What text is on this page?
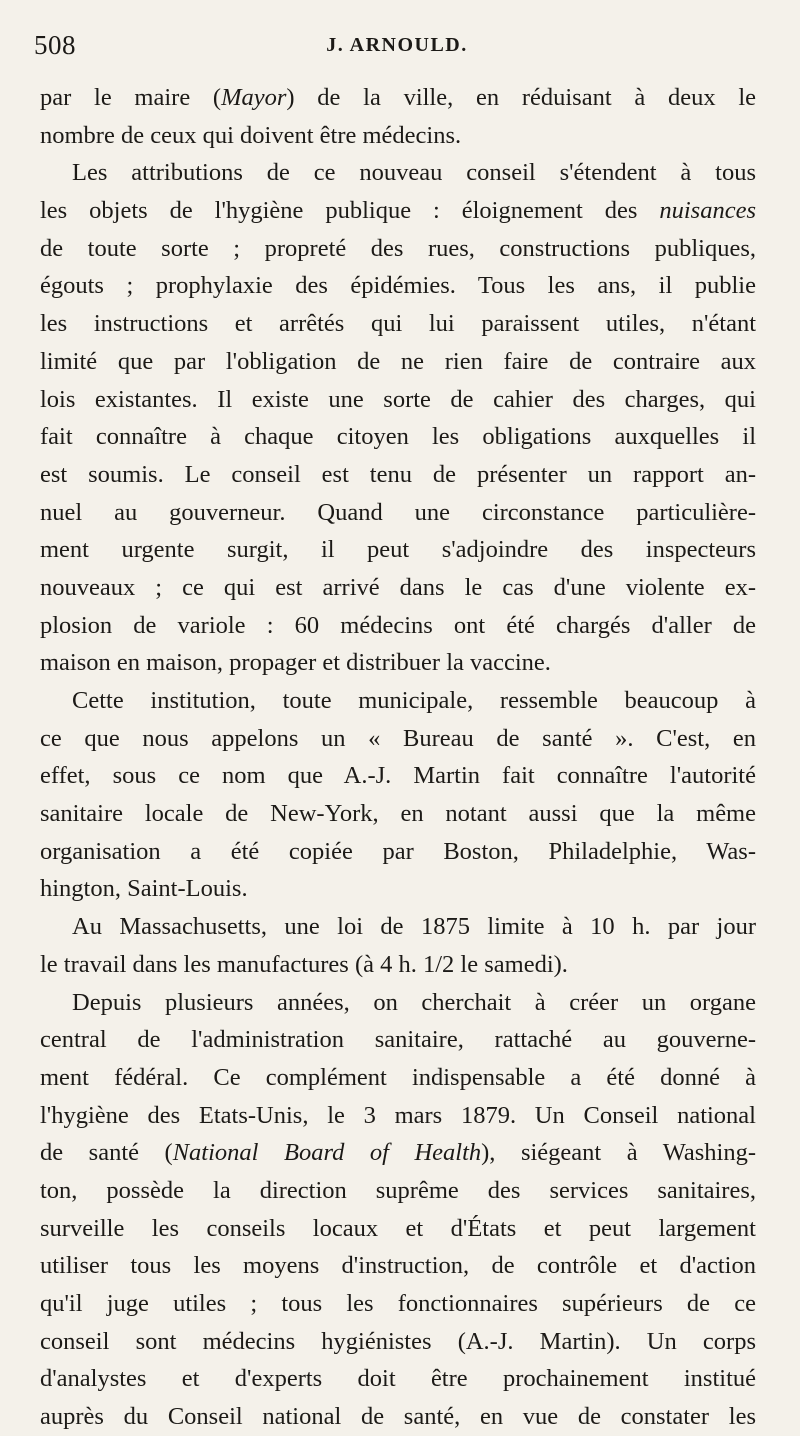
508	J. ARNOULD.
par le maire (Mayor) de la ville, en réduisant à deux le
nombre de ceux qui doivent être médecins.
Les attributions de ce nouveau conseil s'étendent à tous
les objets de l'hygiène publique : éloignement des nuisances
de toute sorte ; propreté des rues, constructions publiques,
égouts ; prophylaxie des épidémies. Tous les ans, il publie
les instructions et arrêtés qui lui paraissent utiles, n'étant
limité que par l'obligation de ne rien faire de contraire aux
lois existantes. Il existe une sorte de cahier des charges, qui
fait connaître à chaque citoyen les obligations auxquelles il
est soumis. Le conseil est tenu de présenter un rapport an-
nuel au gouverneur. Quand une circonstance particulière-
ment urgente surgit, il peut s'adjoindre des inspecteurs
nouveaux ; ce qui est arrivé dans le cas d'une violente ex-
plosion de variole : 60 médecins ont été chargés d'aller de
maison en maison, propager et distribuer la vaccine.
Cette institution, toute municipale, ressemble beaucoup à
ce que nous appelons un « Bureau de santé ». C'est, en
effet, sous ce nom que A.-J. Martin fait connaître l'autorité
sanitaire locale de New-York, en notant aussi que la même
organisation a été copiée par Boston, Philadelphie, Was-
hington, Saint-Louis.
Au Massachusetts, une loi de 1875 limite à 10 h. par jour
le travail dans les manufactures (à 4 h. 1/2 le samedi).
Depuis plusieurs années, on cherchait à créer un organe
central de l'administration sanitaire, rattaché au gouverne-
ment fédéral. Ce complément indispensable a été donné à
l'hygiène des Etats-Unis, le 3 mars 1879. Un Conseil national
de santé (National Board of Health), siégeant à Washing-
ton, possède la direction suprême des services sanitaires,
surveille les conseils locaux et d'États et peut largement
utiliser tous les moyens d'instruction, de contrôle et d'action
qu'il juge utiles ; tous les fonctionnaires supérieurs de ce
conseil sont médecins hygiénistes (A.-J. Martin). Un corps
d'analystes et d'experts doit être prochainement institué
auprès du Conseil national de santé, en vue de constater les
